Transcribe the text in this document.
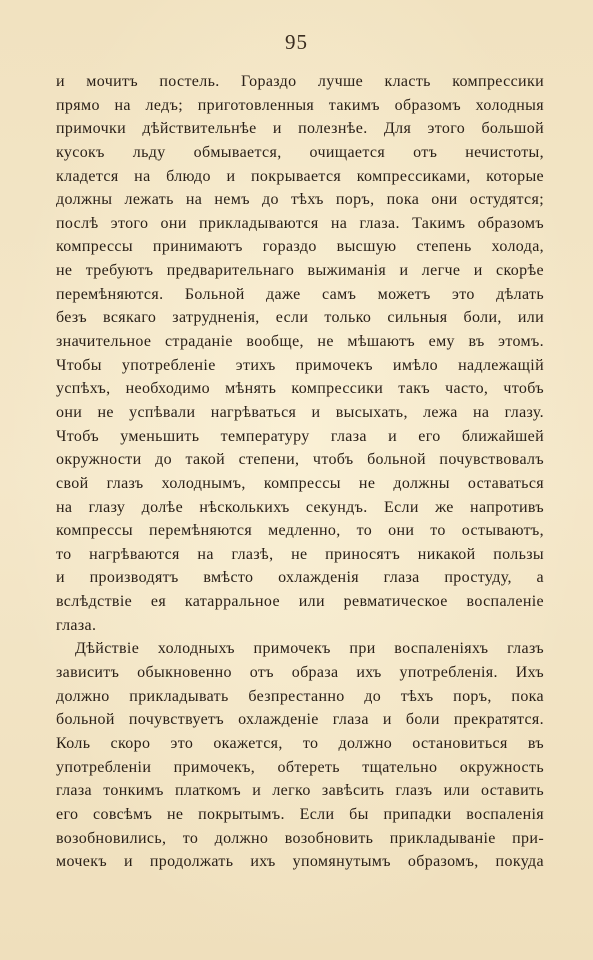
95
и мочитъ постель. Гораздо лучше класть компрессики
прямо на ледъ; приготовленныя такимъ образомъ холодныя
примочки дѣйствительнѣе и полезнѣе. Для этого большой
кусокъ льду обмывается, очищается отъ нечистоты,
кладется на блюдо и покрывается компрессиками, которые
должны лежать на немъ до тѣхъ поръ, пока они остудятся;
послѣ этого они прикладываются на глаза. Такимъ образомъ
компрессы принимаютъ гораздо высшую степень холода,
не требуютъ предварительнаго выжиманія и легче и скорѣе
перемѣняются. Больной даже самъ можетъ это дѣлать
безъ всякаго затрудненія, если только сильныя боли, или
значительное страданіе вообще, не мѣшаютъ ему въ этомъ.
Чтобы употребленіе этихъ примочекъ имѣло надлежащій
успѣхъ, необходимо мѣнять компрессики такъ часто, чтобъ
они не успѣвали нагрѣваться и высыхать, лежа на глазу.
Чтобъ уменьшить температуру глаза и его ближайшей
окружности до такой степени, чтобъ больной почувствовалъ
свой глазъ холоднымъ, компрессы не должны оставаться
на глазу долѣе нѣсколькихъ секундъ. Если же напротивъ
компрессы перемѣняются медленно, то они то остываютъ,
то нагрѣваются на глазѣ, не приносятъ никакой пользы
и производятъ вмѣсто охлажденія глаза простуду, а
вслѣдствіе ея катарральное или ревматическое воспаленіе
глаза.
Дѣйствіе холодныхъ примочекъ при воспаленіяхъ глазъ
зависитъ обыкновенно отъ образа ихъ употребленія. Ихъ
должно прикладывать безпрестанно до тѣхъ поръ, пока
больной почувствуетъ охлажденіе глаза и боли прекратятся.
Коль скоро это окажется, то должно остановиться въ
употребленіи примочекъ, обтереть тщательно окружность
глаза тонкимъ платкомъ и легко завѣсить глазъ или оставить
его совсѣмъ не покрытымъ. Если бы припадки воспаленія
возобновились, то должно возобновить прикладываніе при-
мочекъ и продолжать ихъ упомянутымъ образомъ, покуда
